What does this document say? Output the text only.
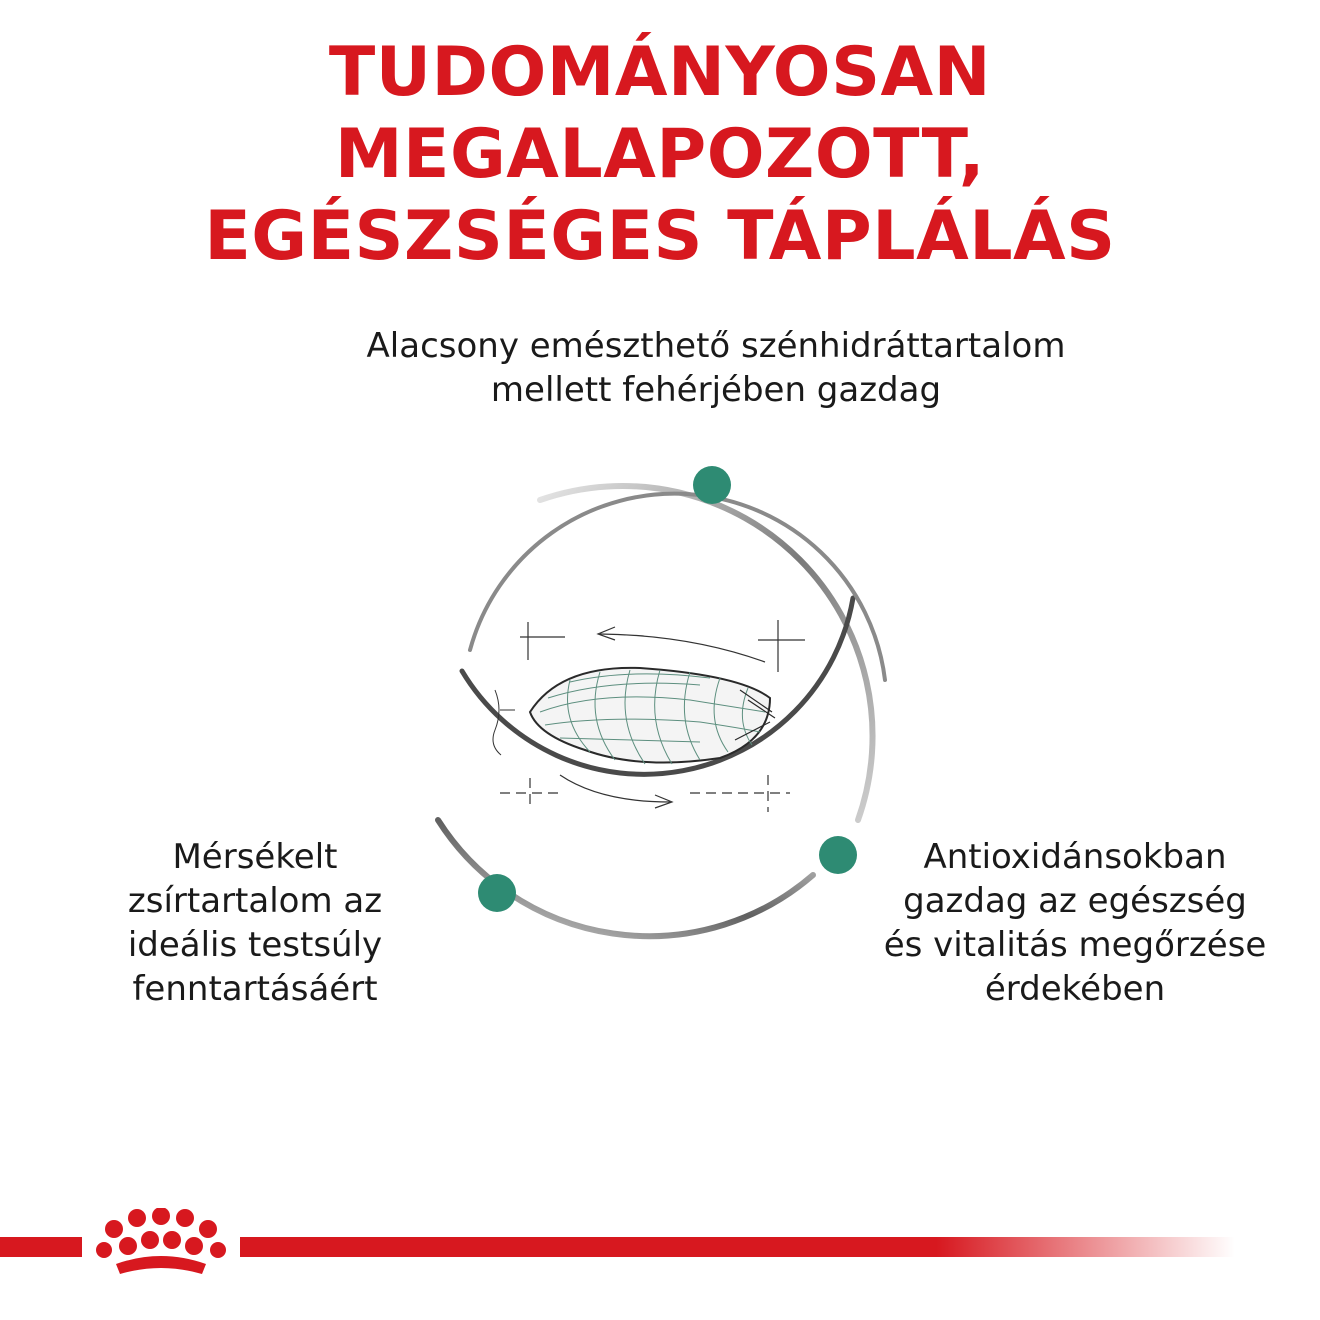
TUDOMÁNYOSAN MEGALAPOZOTT,
EGÉSZSÉGES TÁPLÁLÁS
Alacsony emészthető szénhidráttartalom
mellett fehérjében gazdag
Mérsékelt
zsírtartalom az
ideális testsúly
fenntartásáért
Antioxidánsokban
gazdag az egészség
és vitalitás megőrzése
érdekében
